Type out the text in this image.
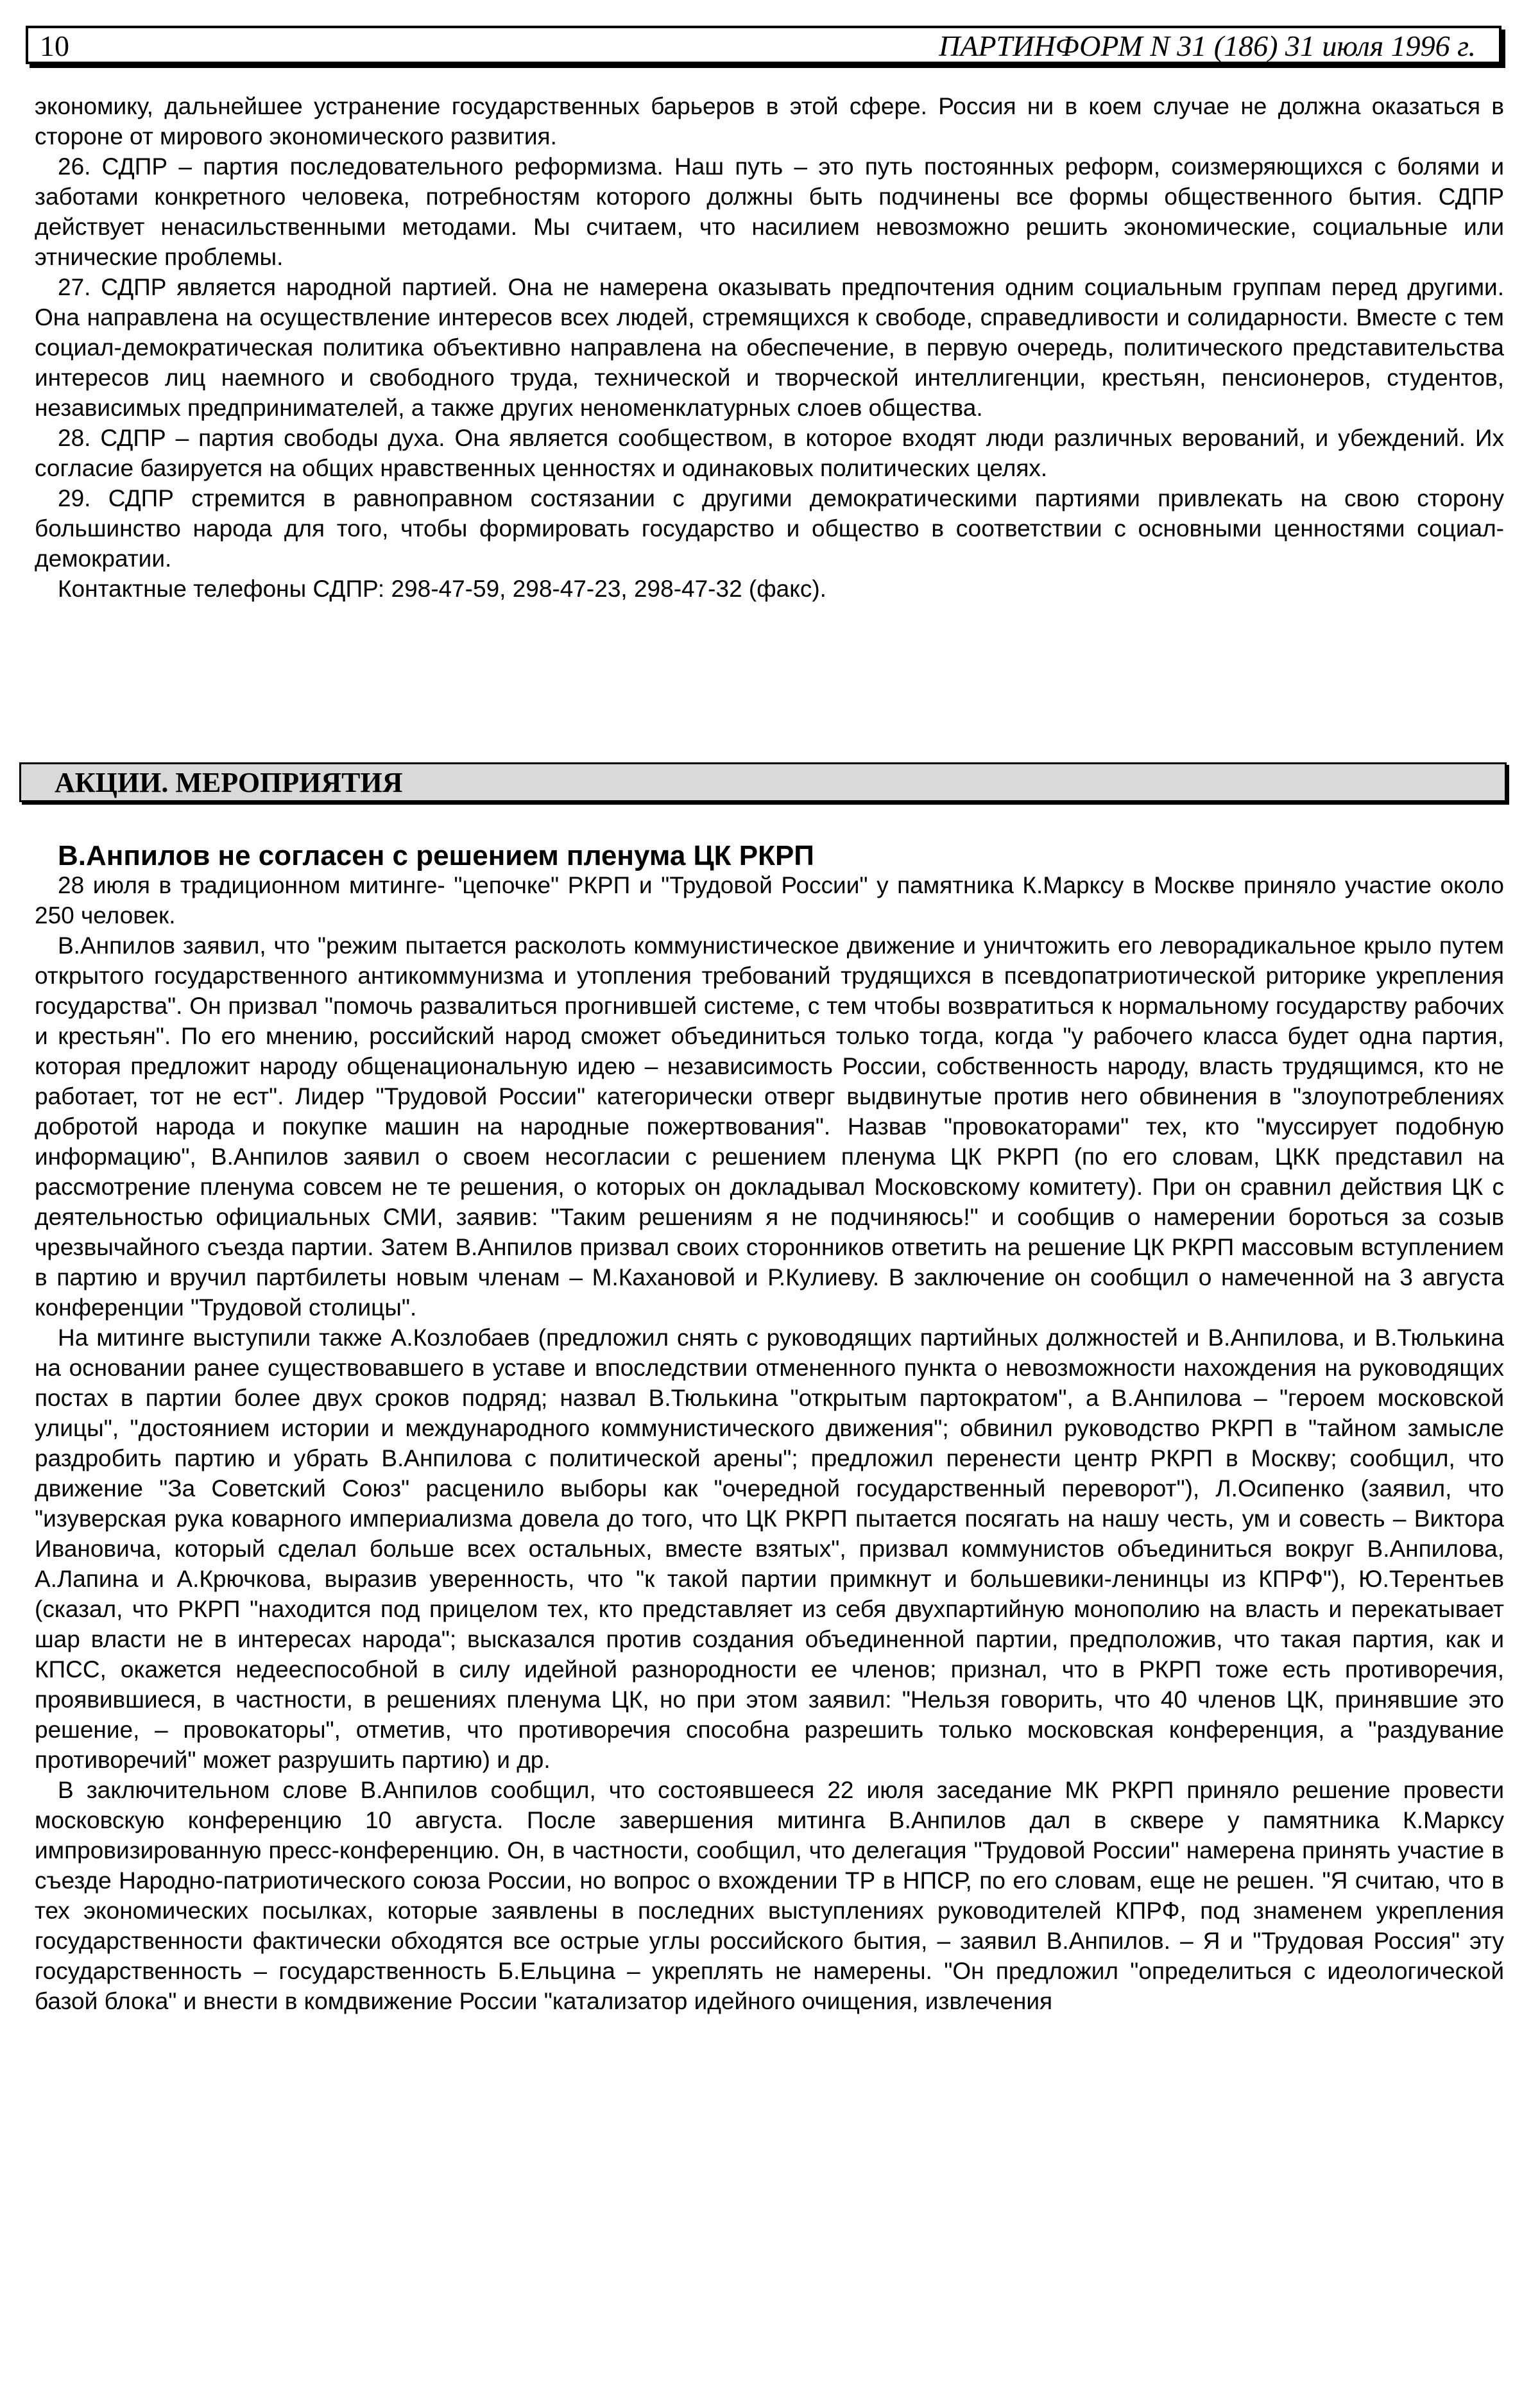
10	ПАРТИНФОРМ N 31 (186) 31 июля 1996 г.

экономику, дальнейшее устранение государственных барьеров в этой сфере. Россия ни в коем случае не должна оказаться в стороне от мирового экономического развития.

26. СДПР – партия последовательного реформизма. Наш путь – это путь постоянных реформ, соизмеряющихся с болями и заботами конкретного человека, потребностям которого должны быть подчинены все формы общественного бытия. СДПР действует ненасильственными методами. Мы считаем, что насилием невозможно решить экономические, социальные или этнические проблемы.

27. СДПР является народной партией. Она не намерена оказывать предпочтения одним социальным группам перед другими. Она направлена на осуществление интересов всех людей, стремящихся к свободе, справедливости и солидарности. Вместе с тем социал-демократическая политика объективно направлена на обеспечение, в первую очередь, политического представительства интересов лиц наемного и свободного труда, технической и творческой интеллигенции, крестьян, пенсионеров, студентов, независимых предпринимателей, а также других неноменклатурных слоев общества.

28. СДПР – партия свободы духа. Она является сообществом, в которое входят люди различных верований, и убеждений. Их согласие базируется на общих нравственных ценностях и одинаковых политических целях.

29. СДПР стремится в равноправном состязании с другими демократическими партиями привлекать на свою сторону большинство народа для того, чтобы формировать государство и общество в соответствии с основными ценностями социал-демократии.

Контактные телефоны СДПР: 298-47-59, 298-47-23, 298-47-32 (факс).

АКЦИИ. МЕРОПРИЯТИЯ
В.Анпилов не согласен с решением пленума ЦК РКРП

28 июля в традиционном митинге- "цепочке" РКРП и "Трудовой России" у памятника К.Марксу в Москве приняло участие около 250 человек.

В.Анпилов заявил, что "режим пытается расколоть коммунистическое движение и уничтожить его леворадикальное крыло путем открытого государственного антикоммунизма и утопления требований трудящихся в псевдопатриотической риторике укрепления государства". Он призвал "помочь развалиться прогнившей системе, с тем чтобы возвратиться к нормальному государству рабочих и крестьян". По его мнению, российский народ сможет объединиться только тогда, когда "у рабочего класса будет одна партия, которая предложит народу общенациональную идею – независимость России, собственность народу, власть трудящимся, кто не работает, тот не ест". Лидер "Трудовой России" категорически отверг выдвинутые против него обвинения в "злоупотреблениях добротой народа и покупке машин на народные пожертвования". Назвав "провокаторами" тех, кто "муссирует подобную информацию", В.Анпилов заявил о своем несогласии с решением пленума ЦК РКРП (по его словам, ЦКК представил на рассмотрение пленума совсем не те решения, о которых он докладывал Московскому комитету). При он сравнил действия ЦК с деятельностью официальных СМИ, заявив: "Таким решениям я не подчиняюсь!" и сообщив о намерении бороться за созыв чрезвычайного съезда партии. Затем В.Анпилов призвал своих сторонников ответить на решение ЦК РКРП массовым вступлением в партию и вручил партбилеты новым членам – М.Кахановой и Р.Кулиеву. В заключение он сообщил о намеченной на 3 августа конференции "Трудовой столицы".

На митинге выступили также А.Козлобаев (предложил снять с руководящих партийных должностей и В.Анпилова, и В.Тюлькина на основании ранее существовавшего в уставе и впоследствии отмененного пункта о невозможности нахождения на руководящих постах в партии более двух сроков подряд; назвал В.Тюлькина "открытым партократом", а В.Анпилова – "героем московской улицы", "достоянием истории и международного коммунистического движения"; обвинил руководство РКРП в "тайном замысле раздробить партию и убрать В.Анпилова с политической арены"; предложил перенести центр РКРП в Москву; сообщил, что движение "За Советский Союз" расценило выборы как "очередной государственный переворот"), Л.Осипенко (заявил, что "изуверская рука коварного империализма довела до того, что ЦК РКРП пытается посягать на нашу честь, ум и совесть – Виктора Ивановича, который сделал больше всех остальных, вместе взятых", призвал коммунистов объединиться вокруг В.Анпилова, А.Лапина и А.Крючкова, выразив уверенность, что "к такой партии примкнут и большевики-ленинцы из КПРФ"), Ю.Терентьев (сказал, что РКРП "находится под прицелом тех, кто представляет из себя двухпартийную монополию на власть и перекатывает шар власти не в интересах народа"; высказался против создания объединенной партии, предположив, что такая партия, как и КПСС, окажется недееспособной в силу идейной разнородности ее членов; признал, что в РКРП тоже есть противоречия, проявившиеся, в частности, в решениях пленума ЦК, но при этом заявил: "Нельзя говорить, что 40 членов ЦК, принявшие это решение, – провокаторы", отметив, что противоречия способна разрешить только московская конференция, а "раздувание противоречий" может разрушить партию) и др.

В заключительном слове В.Анпилов сообщил, что состоявшееся 22 июля заседание МК РКРП приняло решение провести московскую конференцию 10 августа. После завершения митинга В.Анпилов дал в сквере у памятника К.Марксу импровизированную пресс-конференцию. Он, в частности, сообщил, что делегация "Трудовой России" намерена принять участие в съезде Народно-патриотического союза России, но вопрос о вхождении ТР в НПСР, по его словам, еще не решен. "Я считаю, что в тех экономических посылках, которые заявлены в последних выступлениях руководителей КПРФ, под знаменем укрепления государственности фактически обходятся все острые углы российского бытия, – заявил В.Анпилов. – Я и "Трудовая Россия" эту государственность – государственность Б.Ельцина – укреплять не намерены. "Он предложил "определиться с идеологической базой блока" и внести в комдвижение России "катализатор идейного очищения, извлечения
